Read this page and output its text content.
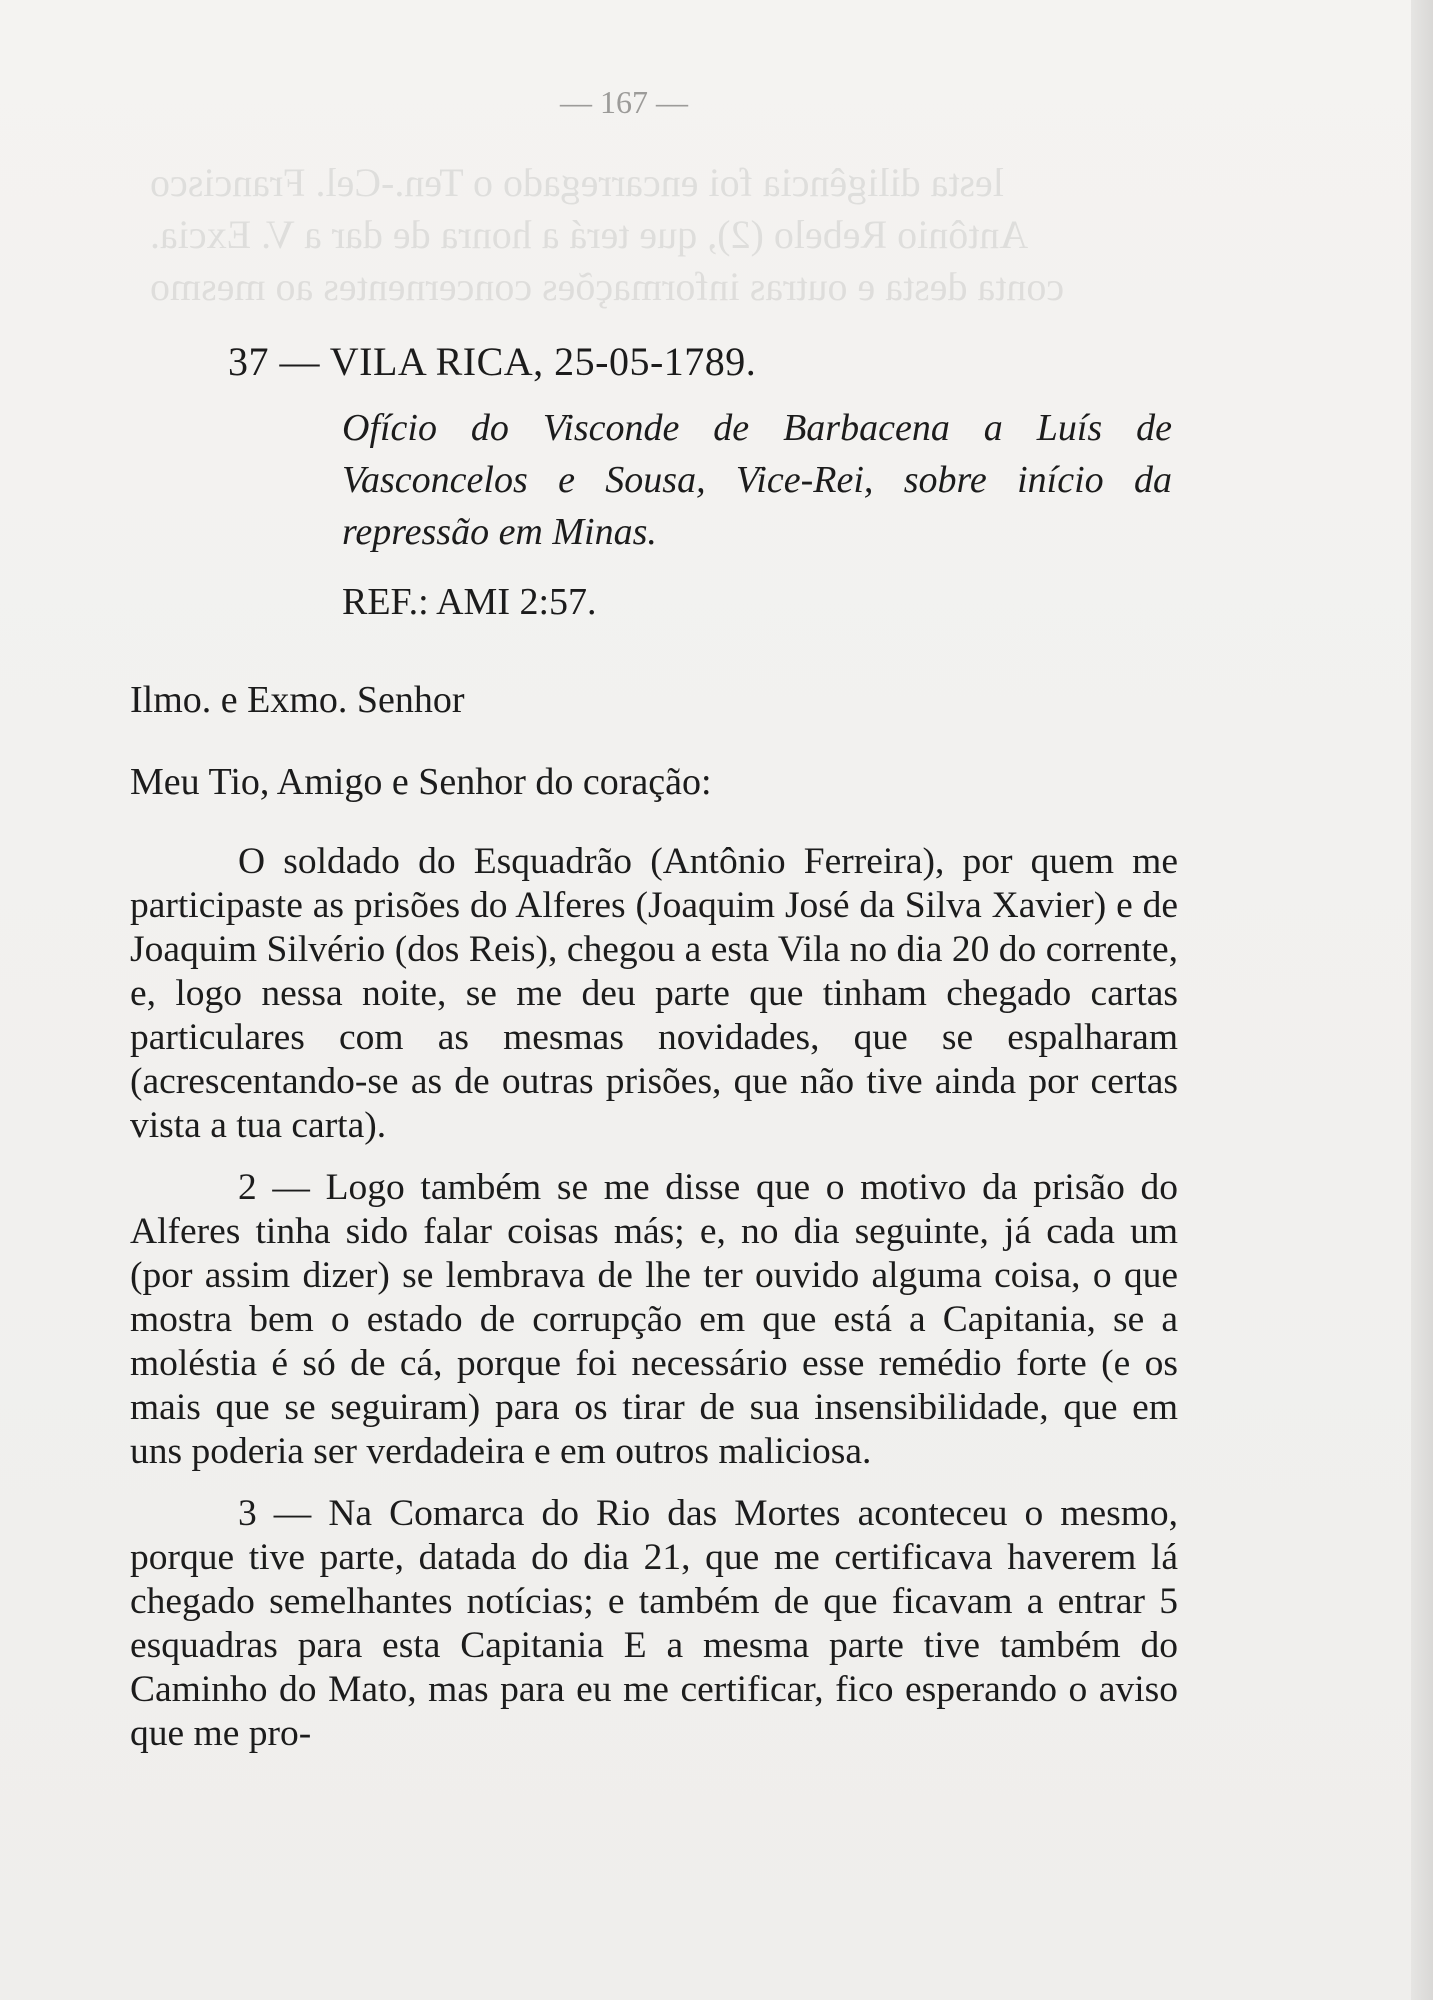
lesta diligência foi encarregado o Ten.-Cel. Francisco
Antônio Rebelo (2), que terá a honra de dar a V. Excia.
conta desta e outras informações concernentes ao mesmo
— 167 —
37 — VILA RICA, 25-05-1789.

Ofício do Visconde de Barbacena a Luís de Vasconcelos e Sousa, Vice-Rei, sobre início da repressão em Minas.

REF.: AMI 2:57.
Ilmo. e Exmo. Senhor
Meu Tio, Amigo e Senhor do coração:

O soldado do Esquadrão (Antônio Ferreira), por quem me participaste as prisões do Alferes (Joaquim José da Silva Xavier) e de Joaquim Silvério (dos Reis), chegou a esta Vila no dia 20 do corrente, e, logo nessa noite, se me deu parte que tinham chegado cartas particulares com as mesmas novidades, que se espalharam (acrescentando-se as de outras prisões, que não tive ainda por certas vista a tua carta).

2 — Logo também se me disse que o motivo da prisão do Alferes tinha sido falar coisas más; e, no dia seguinte, já cada um (por assim dizer) se lembrava de lhe ter ouvido alguma coisa, o que mostra bem o estado de corrupção em que está a Capitania, se a moléstia é só de cá, porque foi necessário esse remédio forte (e os mais que se seguiram) para os tirar de sua insensibilidade, que em uns poderia ser verdadeira e em outros maliciosa.

3 — Na Comarca do Rio das Mortes aconteceu o mesmo, porque tive parte, datada do dia 21, que me certificava haverem lá chegado semelhantes notícias; e também de que ficavam a entrar 5 esquadras para esta Capitania E a mesma parte tive também do Caminho do Mato, mas para eu me certificar, fico esperando o aviso que me pro-
